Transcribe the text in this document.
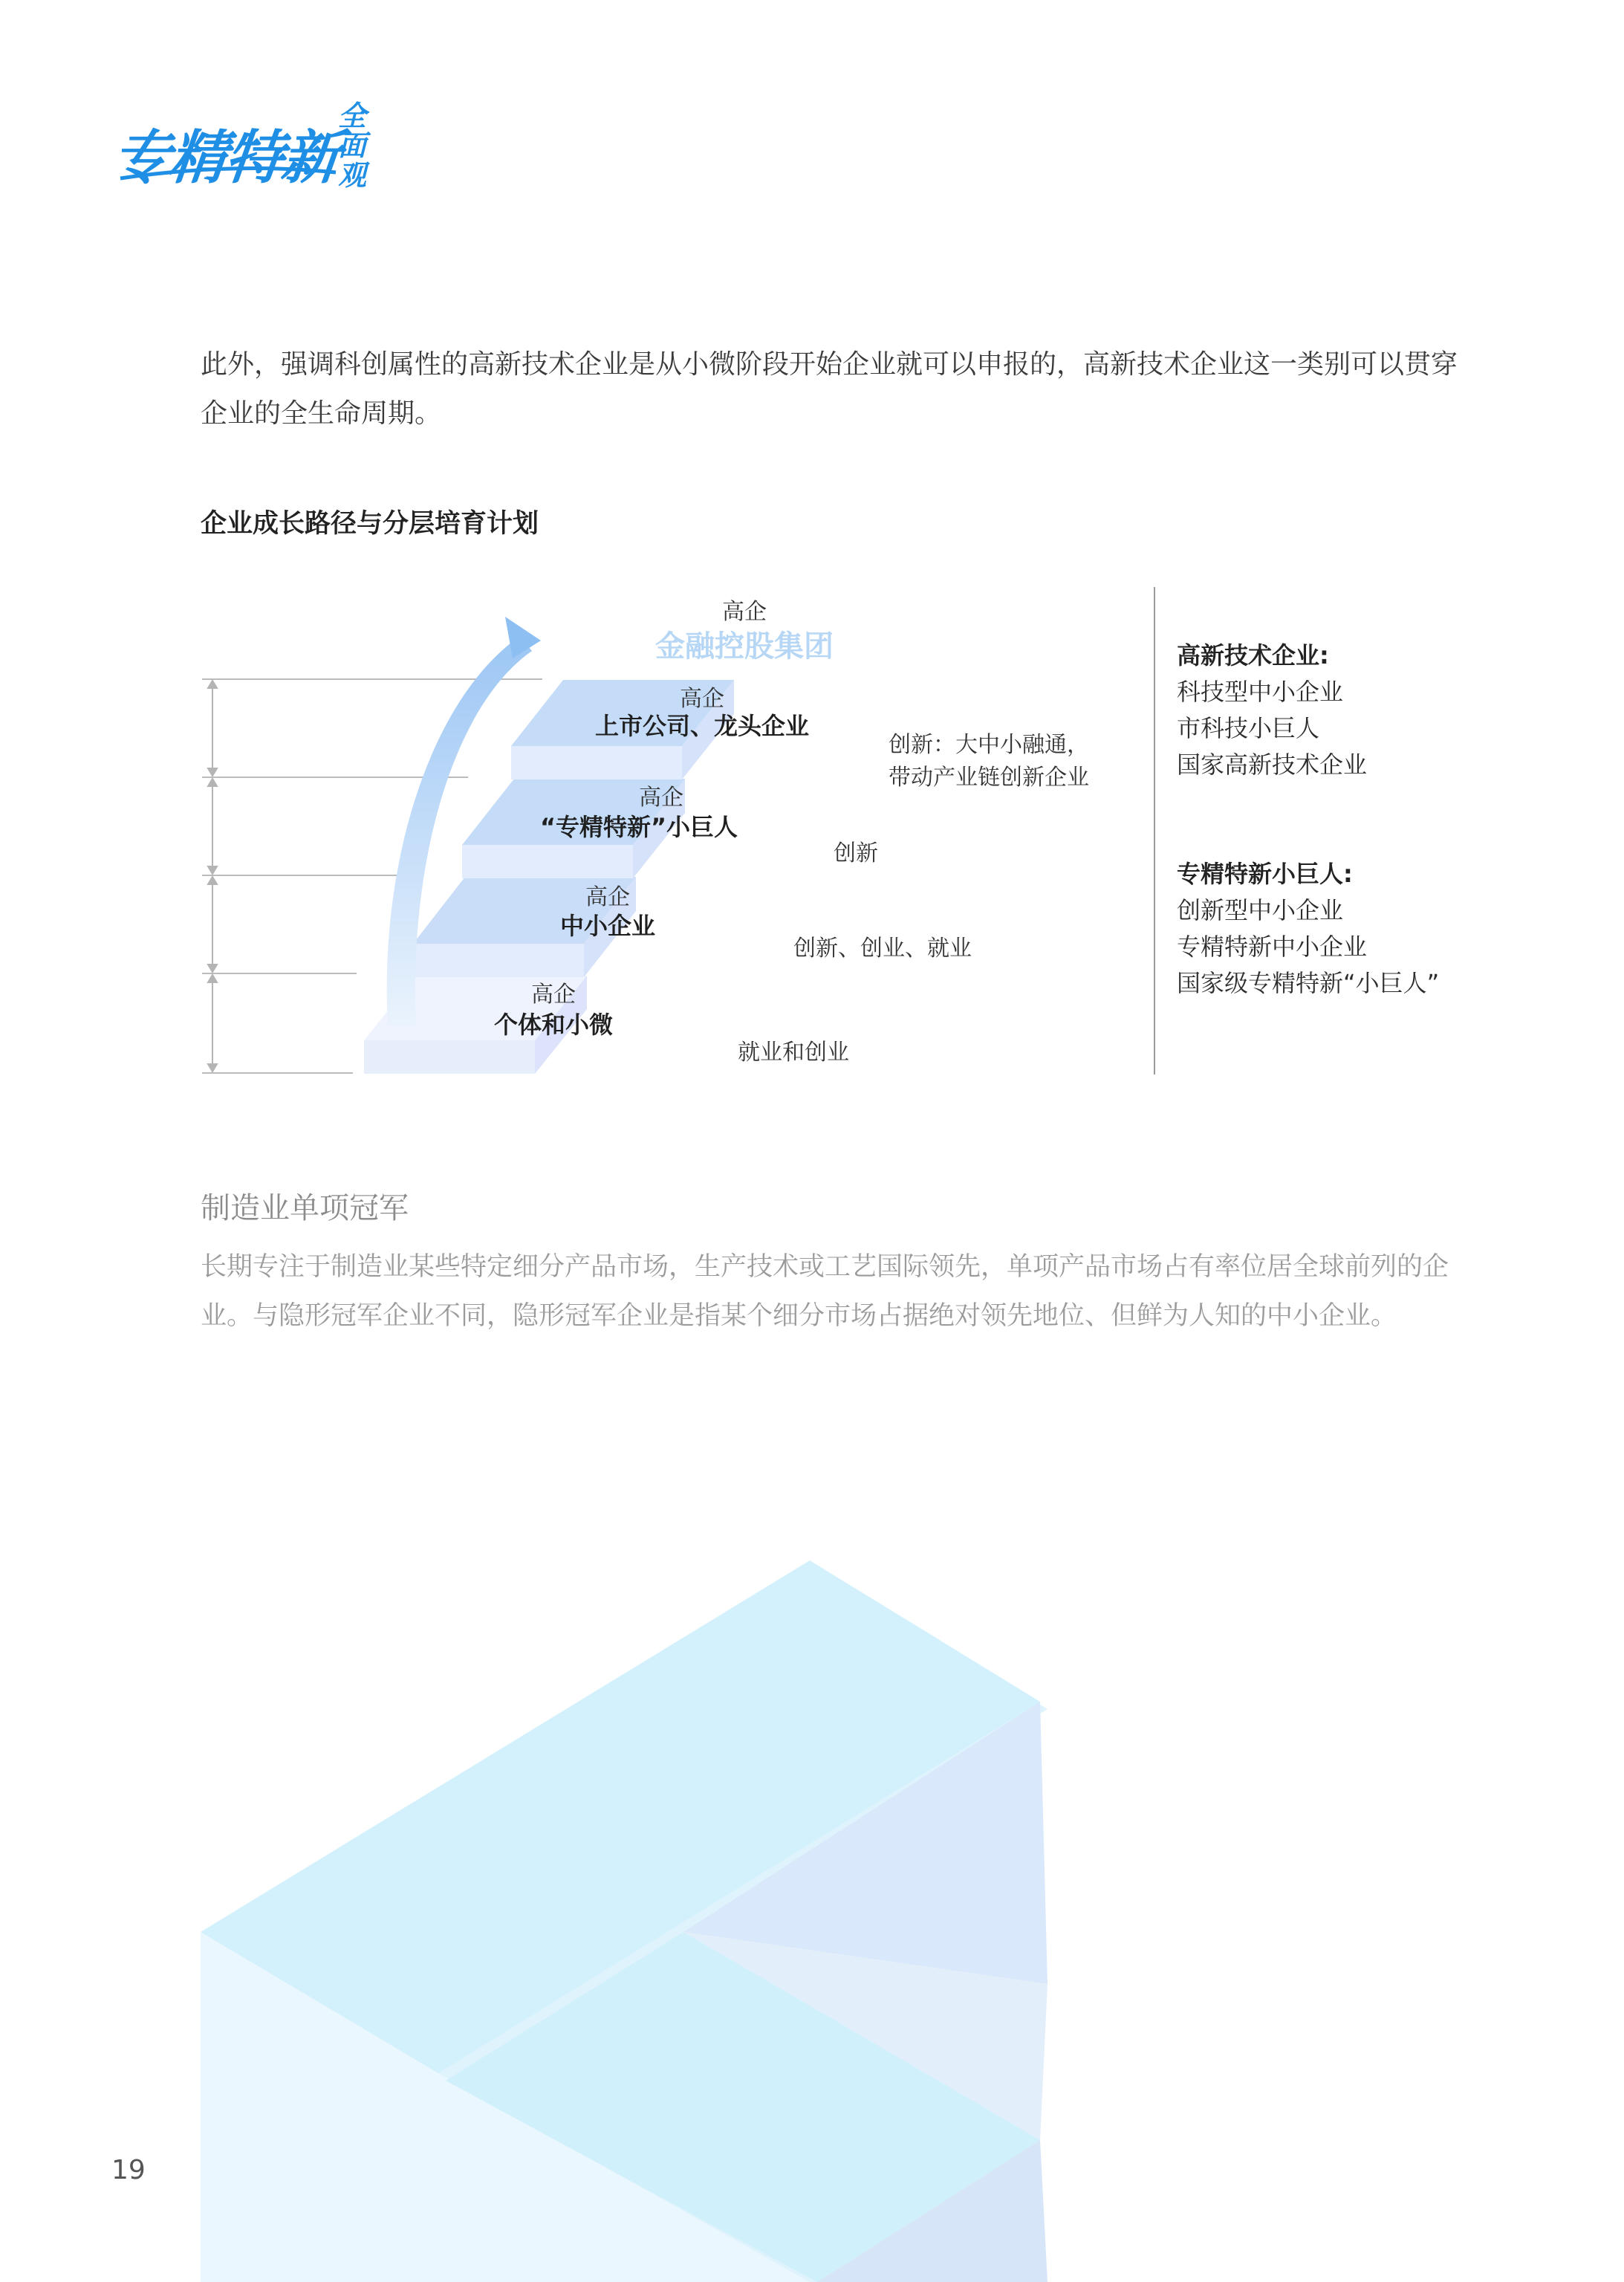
专精特新
全
面
观
此外，强调科创属性的高新技术企业是从小微阶段开始企业就可以申报的，高新技术企业这一类别可以贯穿企业的全生命周期。
企业成长路径与分层培育计划
高企
金融控股集团
高企
上市公司、龙头企业
高企
“专精特新”小巨人
高企
中小企业
高企
个体和小微
创新：大中小融通，
带动产业链创新企业
创新
创新、创业、就业
就业和创业
高新技术企业:
科技型中小企业
市科技小巨人
国家高新技术企业
专精特新小巨人:
创新型中小企业
专精特新中小企业
国家级专精特新“小巨人”
制造业单项冠军
长期专注于制造业某些特定细分产品市场，生产技术或工艺国际领先，单项产品市场占有率位居全球前列的企业。与隐形冠军企业不同，隐形冠军企业是指某个细分市场占据绝对领先地位、但鲜为人知的中小企业。
19
